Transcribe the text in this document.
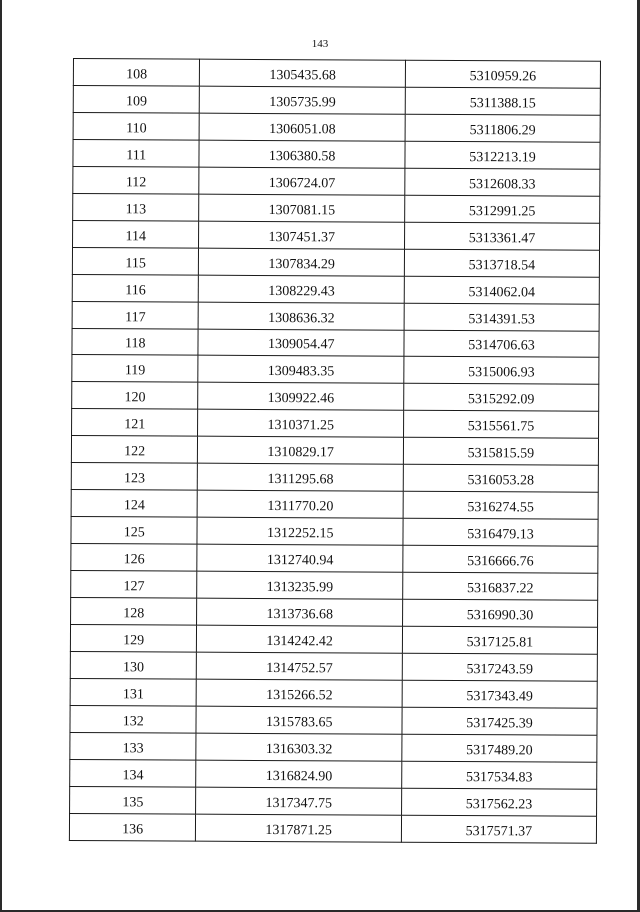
143
108	1305435.68	5310959.26
109	1305735.99	5311388.15
110	1306051.08	5311806.29
111	1306380.58	5312213.19
112	1306724.07	5312608.33
113	1307081.15	5312991.25
114	1307451.37	5313361.47
115	1307834.29	5313718.54
116	1308229.43	5314062.04
117	1308636.32	5314391.53
118	1309054.47	5314706.63
119	1309483.35	5315006.93
120	1309922.46	5315292.09
121	1310371.25	5315561.75
122	1310829.17	5315815.59
123	1311295.68	5316053.28
124	1311770.20	5316274.55
125	1312252.15	5316479.13
126	1312740.94	5316666.76
127	1313235.99	5316837.22
128	1313736.68	5316990.30
129	1314242.42	5317125.81
130	1314752.57	5317243.59
131	1315266.52	5317343.49
132	1315783.65	5317425.39
133	1316303.32	5317489.20
134	1316824.90	5317534.83
135	1317347.75	5317562.23
136	1317871.25	5317571.37
